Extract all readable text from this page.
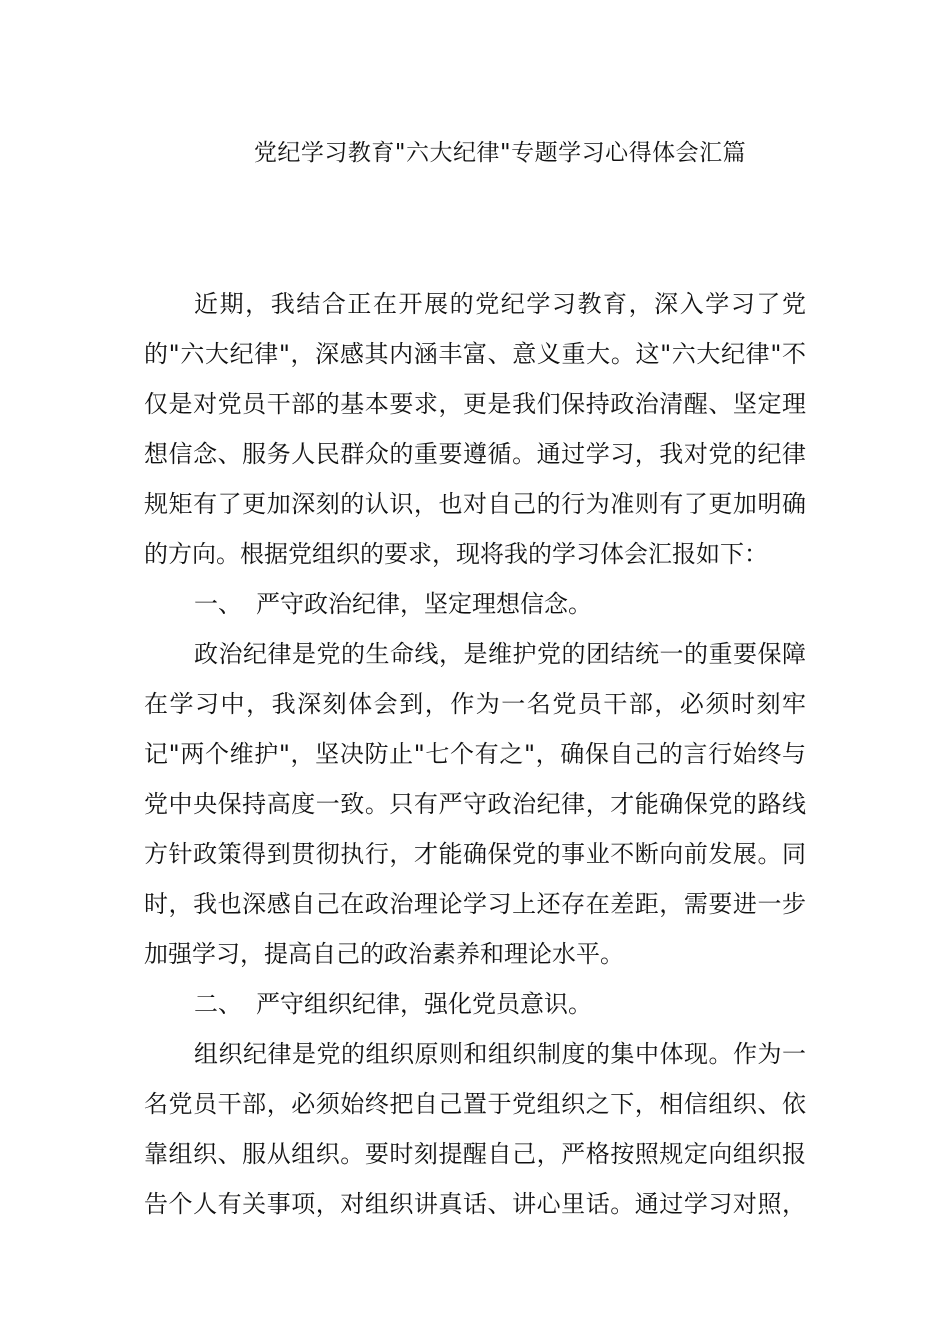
党纪学习教育"六大纪律"专题学习心得体会汇篇
近期，我结合正在开展的党纪学习教育，深入学习了党
的"六大纪律"，深感其内涵丰富、意义重大。这"六大纪律"不
仅是对党员干部的基本要求，更是我们保持政治清醒、坚定理
想信念、服务人民群众的重要遵循。通过学习，我对党的纪律
规矩有了更加深刻的认识，也对自己的行为准则有了更加明确
的方向。根据党组织的要求，现将我的学习体会汇报如下：
一、 严守政治纪律，坚定理想信念。
政治纪律是党的生命线，是维护党的团结统一的重要保障
在学习中，我深刻体会到，作为一名党员干部，必须时刻牢
记"两个维护"，坚决防止"七个有之"，确保自己的言行始终与
党中央保持高度一致。只有严守政治纪律，才能确保党的路线
方针政策得到贯彻执行，才能确保党的事业不断向前发展。同
时，我也深感自己在政治理论学习上还存在差距，需要进一步
加强学习，提高自己的政治素养和理论水平。
二、 严守组织纪律，强化党员意识。
组织纪律是党的组织原则和组织制度的集中体现。作为一
名党员干部，必须始终把自己置于党组织之下，相信组织、依
靠组织、服从组织。要时刻提醒自己，严格按照规定向组织报
告个人有关事项，对组织讲真话、讲心里话。通过学习对照，
